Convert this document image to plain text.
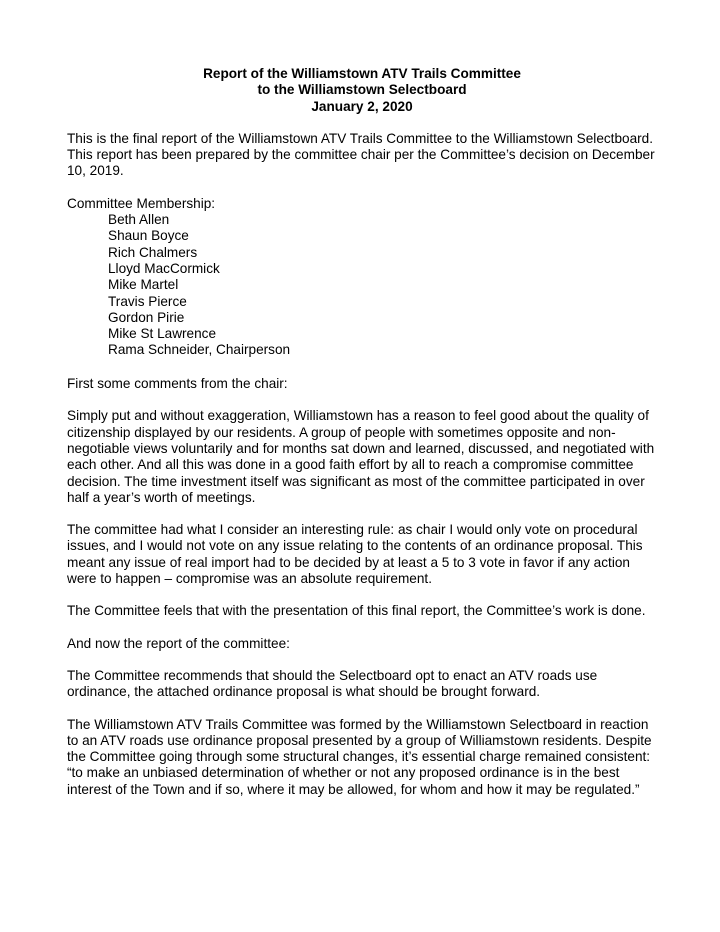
Report of the Williamstown ATV Trails Committee
to the Williamstown Selectboard
January 2, 2020

This is the final report of the Williamstown ATV Trails Committee to the Williamstown Selectboard. This report has been prepared by the committee chair per the Committee’s decision on December 10, 2019.

Committee Membership:
Beth Allen
Shaun Boyce
Rich Chalmers
Lloyd MacCormick
Mike Martel
Travis Pierce
Gordon Pirie
Mike St Lawrence
Rama Schneider, Chairperson

First some comments from the chair:

Simply put and without exaggeration, Williamstown has a reason to feel good about the quality of citizenship displayed by our residents. A group of people with sometimes opposite and non-negotiable views voluntarily and for months sat down and learned, discussed, and negotiated with each other. And all this was done in a good faith effort by all to reach a compromise committee decision. The time investment itself was significant as most of the committee participated in over half a year’s worth of meetings.

The committee had what I consider an interesting rule: as chair I would only vote on procedural issues, and I would not vote on any issue relating to the contents of an ordinance proposal. This meant any issue of real import had to be decided by at least a 5 to 3 vote in favor if any action were to happen – compromise was an absolute requirement.

The Committee feels that with the presentation of this final report, the Committee’s work is done.

And now the report of the committee:

The Committee recommends that should the Selectboard opt to enact an ATV roads use ordinance, the attached ordinance proposal is what should be brought forward.

The Williamstown ATV Trails Committee was formed by the Williamstown Selectboard in reaction to an ATV roads use ordinance proposal presented by a group of Williamstown residents. Despite the Committee going through some structural changes, it’s essential charge remained consistent: “to make an unbiased determination of whether or not any proposed ordinance is in the best interest of the Town and if so, where it may be allowed, for whom and how it may be regulated.”
